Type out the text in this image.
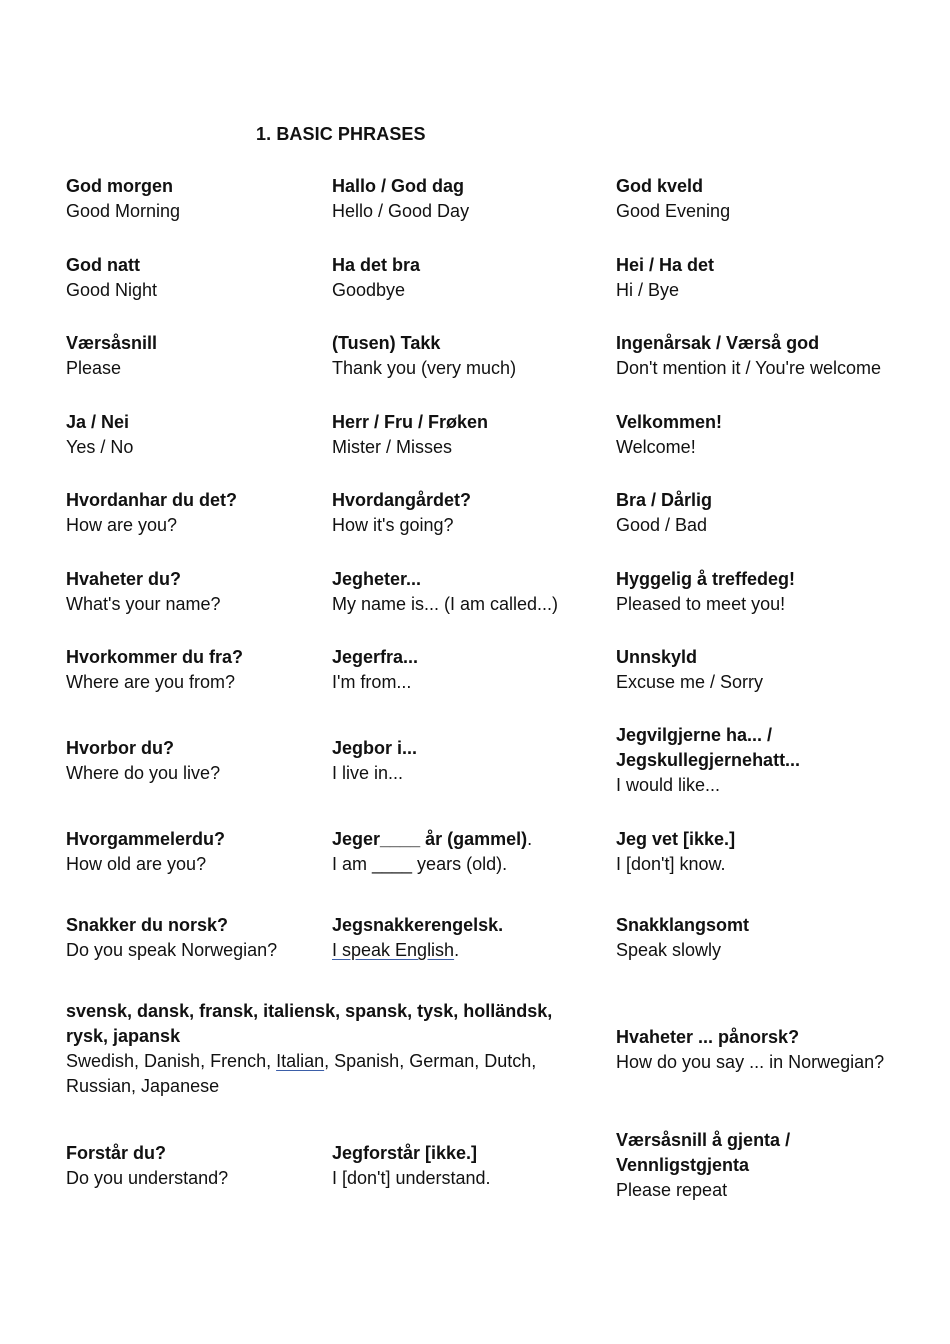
1. BASIC PHRASES
God morgen
Good Morning
Hallo / God dag
Hello / Good Day
God kveld
Good Evening
God natt
Good Night
Ha det bra
Goodbye
Hei / Ha det
Hi / Bye
Værsåsnill
Please
(Tusen) Takk
Thank you (very much)
Ingenårsak / Værså god
Don't mention it / You're welcome
Ja / Nei
Yes / No
Herr / Fru / Frøken
Mister / Misses
Velkommen!
Welcome!
Hvordanhar du det?
How are you?
Hvordangårdet?
How it's going?
Bra / Dårlig
Good / Bad
Hvaheter du?
What's your name?
Jegheter...
My name is... (I am called...)
Hyggelig å treffedeg!
Pleased to meet you!
Hvorkommer du fra?
Where are you from?
Jegerfra...
I'm from...
Unnskyld
Excuse me / Sorry
Hvorbor du?
Where do you live?
Jegbor i...
I live in...
Jegvilgjerne ha... /
Jegskullegjernehatt...
I would like...
Hvorgammelerdu?
How old are you?
Jeger____ år (gammel).
I am ____ years (old).
Jeg vet [ikke.]
I [don't] know.
Snakker du norsk?
Do you speak Norwegian?
Jegsnakkerengelsk.
I speak English.
Snakklangsomt
Speak slowly
svensk, dansk, fransk, italiensk, spansk, tysk, holländsk,
rysk, japansk
Swedish, Danish, French, Italian, Spanish, German, Dutch,
Russian, Japanese
Hvaheter ... pånorsk?
How do you say ... in Norwegian?
Forstår du?
Do you understand?
Jegforstår [ikke.]
I [don't] understand.
Værsåsnill å gjenta /
Vennligstgjenta
Please repeat
